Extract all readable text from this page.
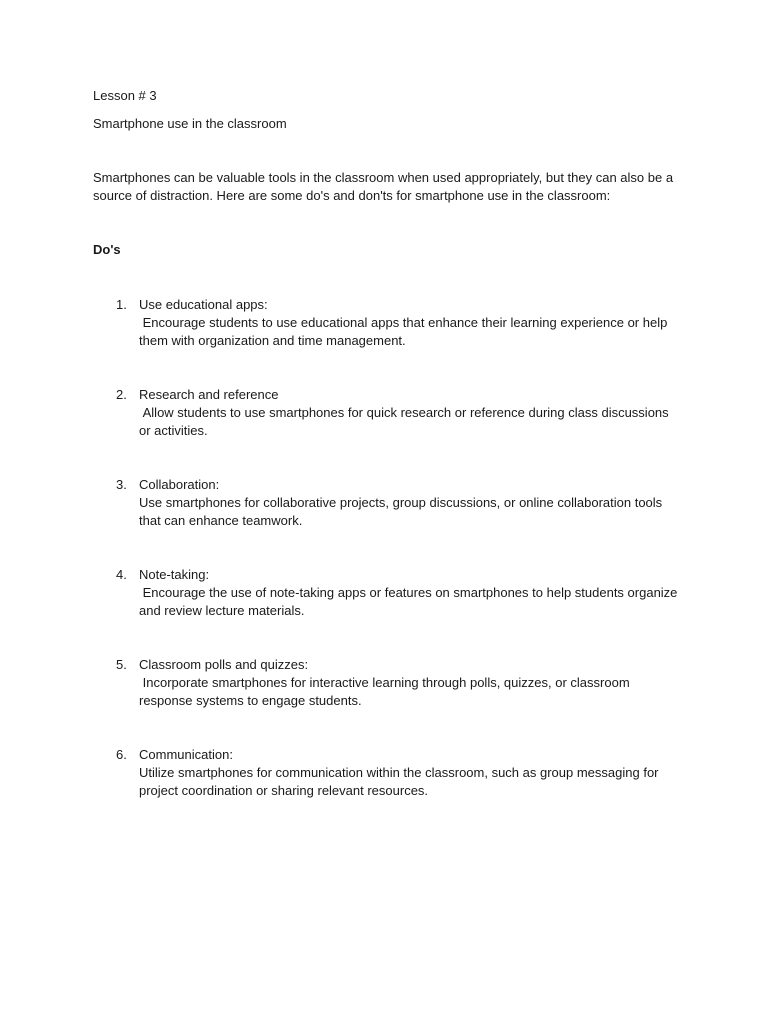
Lesson # 3
Smartphone use in the classroom
Smartphones can be valuable tools in the classroom when used appropriately, but they can also be a source of distraction. Here are some do's and don'ts for smartphone use in the classroom:
Do's
1. Use educational apps:
Encourage students to use educational apps that enhance their learning experience or help them with organization and time management.
2. Research and reference
Allow students to use smartphones for quick research or reference during class discussions or activities.
3. Collaboration:
Use smartphones for collaborative projects, group discussions, or online collaboration tools that can enhance teamwork.
4. Note-taking:
Encourage the use of note-taking apps or features on smartphones to help students organize and review lecture materials.
5. Classroom polls and quizzes:
Incorporate smartphones for interactive learning through polls, quizzes, or classroom response systems to engage students.
6. Communication:
Utilize smartphones for communication within the classroom, such as group messaging for project coordination or sharing relevant resources.
